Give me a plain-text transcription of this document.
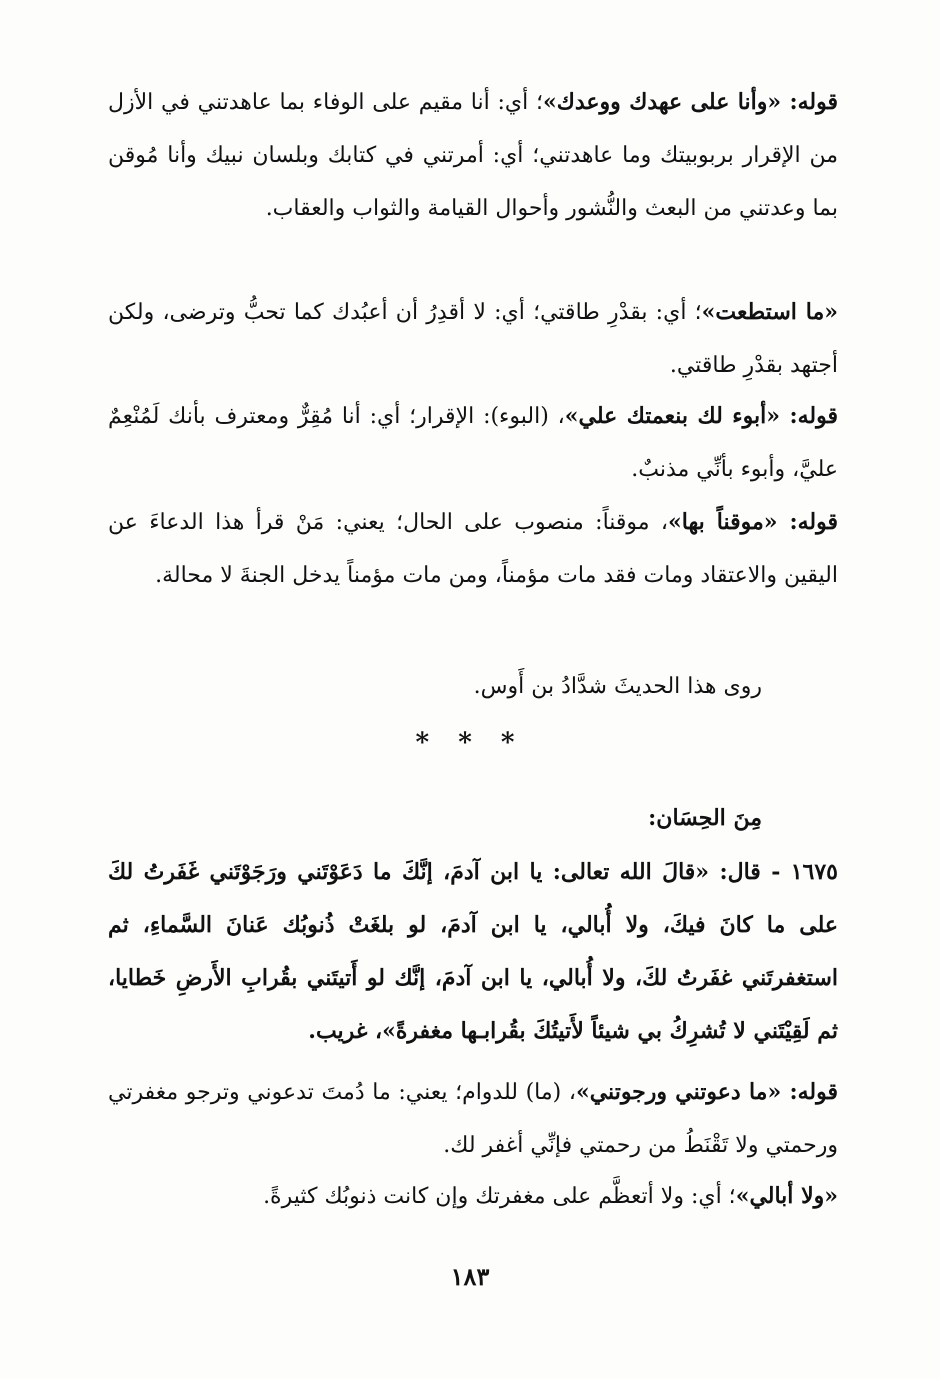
قوله: «وأنا على عهدك ووعدك»؛ أي: أنا مقيم على الوفاء بما عاهدتني في الأزل من الإقرار بربوبيتك وما عاهدتني؛ أي: أمرتني في كتابك وبلسان نبيك وأنا مُوقن بما وعدتني من البعث والنُّشور وأحوال القيامة والثواب والعقاب.

«ما استطعت»؛ أي: بقدْرِ طاقتي؛ أي: لا أقدِرُ أن أعبُدك كما تحبُّ وترضى، ولكن أجتهد بقدْرِ طاقتي.

قوله: «أبوء لك بنعمتك علي»، (البوء): الإقرار؛ أي: أنا مُقِرٌّ ومعترف بأنك لَمُنْعِمٌ عليَّ، وأبوء بأنِّي مذنبٌ.

قوله: «موقناً بها»، موقناً: منصوب على الحال؛ يعني: مَنْ قرأ هذا الدعاءَ عن اليقين والاعتقاد ومات فقد مات مؤمناً، ومن مات مؤمناً يدخل الجنةَ لا محالة.

روى هذا الحديثَ شدَّادُ بن أَوس.

* * *

مِنَ الحِسَان:

١٦٧٥ - قال: «قالَ الله تعالى: يا ابن آدمَ، إنَّكَ ما دَعَوْتَني ورَجَوْتَني غَفَرتُ لكَ على ما كانَ فيكَ، ولا أُبالي، يا ابن آدمَ، لو بلغَتْ ذُنوبُك عَنانَ السَّماءِ، ثم استغفرتَني غفَرتُ لكَ، ولا أُبالي، يا ابن آدمَ، إنَّك لو أَتيتَني بقُرابِ الأَرضِ خَطايا، ثم لَقِيْتَني لا تُشرِكُ بي شيئاً لأَتيتُكَ بقُرابـها مغفرةً»، غريب.

قوله: «ما دعوتني ورجوتني»، (ما) للدوام؛ يعني: ما دُمتَ تدعوني وترجو مغفرتي ورحمتي ولا تَقْنَطُ من رحمتي فإنِّي أغفر لك.

«ولا أبالي»؛ أي: ولا أتعظَّم على مغفرتك وإن كانت ذنوبُك كثيرةً.

١٨٣
